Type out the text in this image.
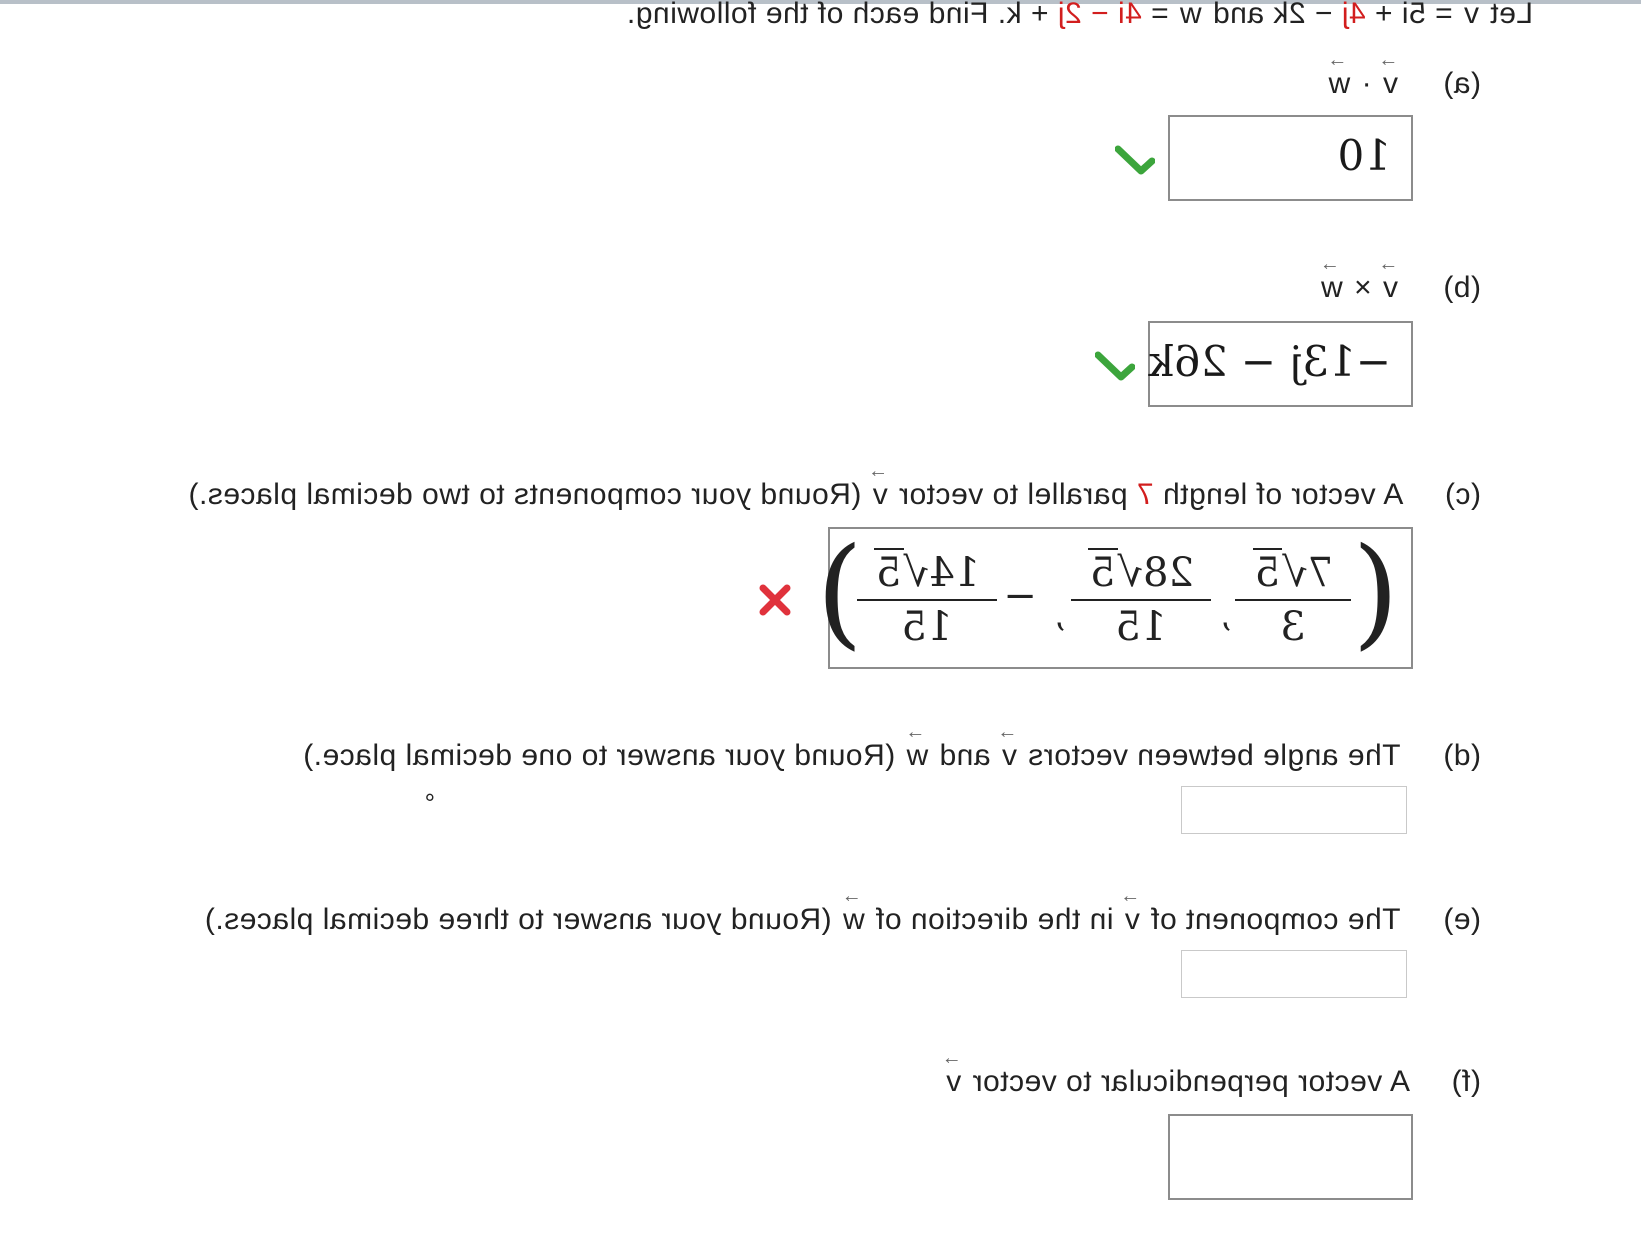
Let → v = 5i + 4j − 2k and → w = 4i − 2j + k. Find each of the following.
(a) → v · → w
10
(b) → v × → w
−13j − 26k
(c) A vector of length 7 parallel to vector → v (Round your components to two decimal places.)
(
7√5
3
,
28√5
15
,
−
14√5
15
)
(d) The angle between vectors → v and → w (Round your answer to one decimal place.)
°
(e) The component of → v in the direction of → w (Round your answer to three decimal places.)
(f) A vector perpendicular to vector → v
